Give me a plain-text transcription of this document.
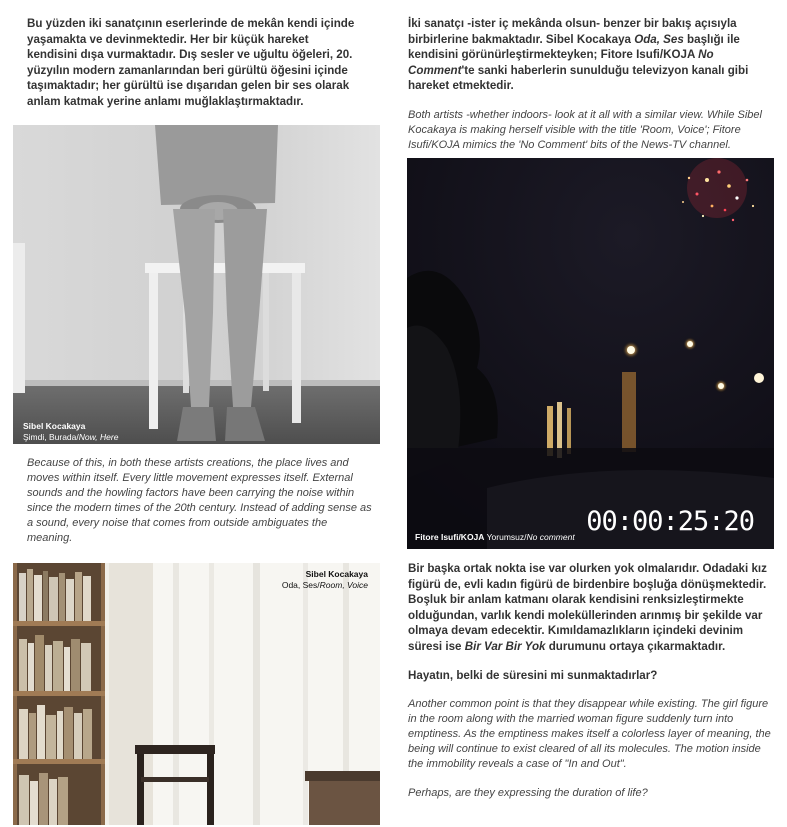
Bu yüzden iki sanatçının eserlerinde de mekân kendi içinde yaşamakta ve devinmektedir. Her bir küçük hareket kendisini dışa vurmaktadır. Dış sesler ve uğultu öğeleri, 20. yüzyılın modern zamanlarından beri gürültü öğesini içinde taşımaktadır; her gürültü ise dışarıdan gelen bir ses olarak anlam katmak yerine anlamı muğlaklaştırmaktadır.

Sibel Kocakaya
Şimdi, Burada/Now, Here

Because of this, in both these artists creations, the place lives and moves within itself. Every little movement expresses itself. External sounds and the howling factors have been carrying the noise within since the modern times of the 20th century. Instead of adding sense as a sound, every noise that comes from outside ambiguates the meaning.

Sibel Kocakaya
Oda, Ses/Room, Voice

İki sanatçı -ister iç mekânda olsun- benzer bir bakış açısıyla birbirlerine bakmaktadır. Sibel Kocakaya Oda, Ses başlığı ile kendisini görünürleştirmekteyken; Fitore Isufi/KOJA No Comment'te sanki haberlerin sunulduğu televizyon kanalı gibi hareket etmektedir.

Both artists -whether indoors- look at it all with a similar view. While Sibel Kocakaya is making herself visible with the title 'Room, Voice'; Fitore Isufi/KOJA mimics the 'No Comment' bits of the News-TV channel.

00:00:25:20
Fitore Isufi/KOJA Yorumsuz/No comment

Bir başka ortak nokta ise var olurken yok olmalarıdır. Odadaki kız figürü de, evli kadın figürü de birdenbire boşluğa dönüşmektedir. Boşluk bir anlam katmanı olarak kendisini renksizleştirmekte olduğundan, varlık kendi moleküllerinden arınmış bir şekilde var olmaya devam edecektir. Kımıldamazlıkların içindeki devinim süresi ise Bir Var Bir Yok durumunu ortaya çıkarmaktadır.

Hayatın, belki de süresini mi sunmaktadırlar?

Another common point is that they disappear while existing. The girl figure in the room along with the married woman figure suddenly turn into emptiness. As the emptiness makes itself a colorless layer of meaning, the being will continue to exist cleared of all its molecules. The motion inside the immobility reveals a case of "In and Out".

Perhaps, are they expressing the duration of life?
